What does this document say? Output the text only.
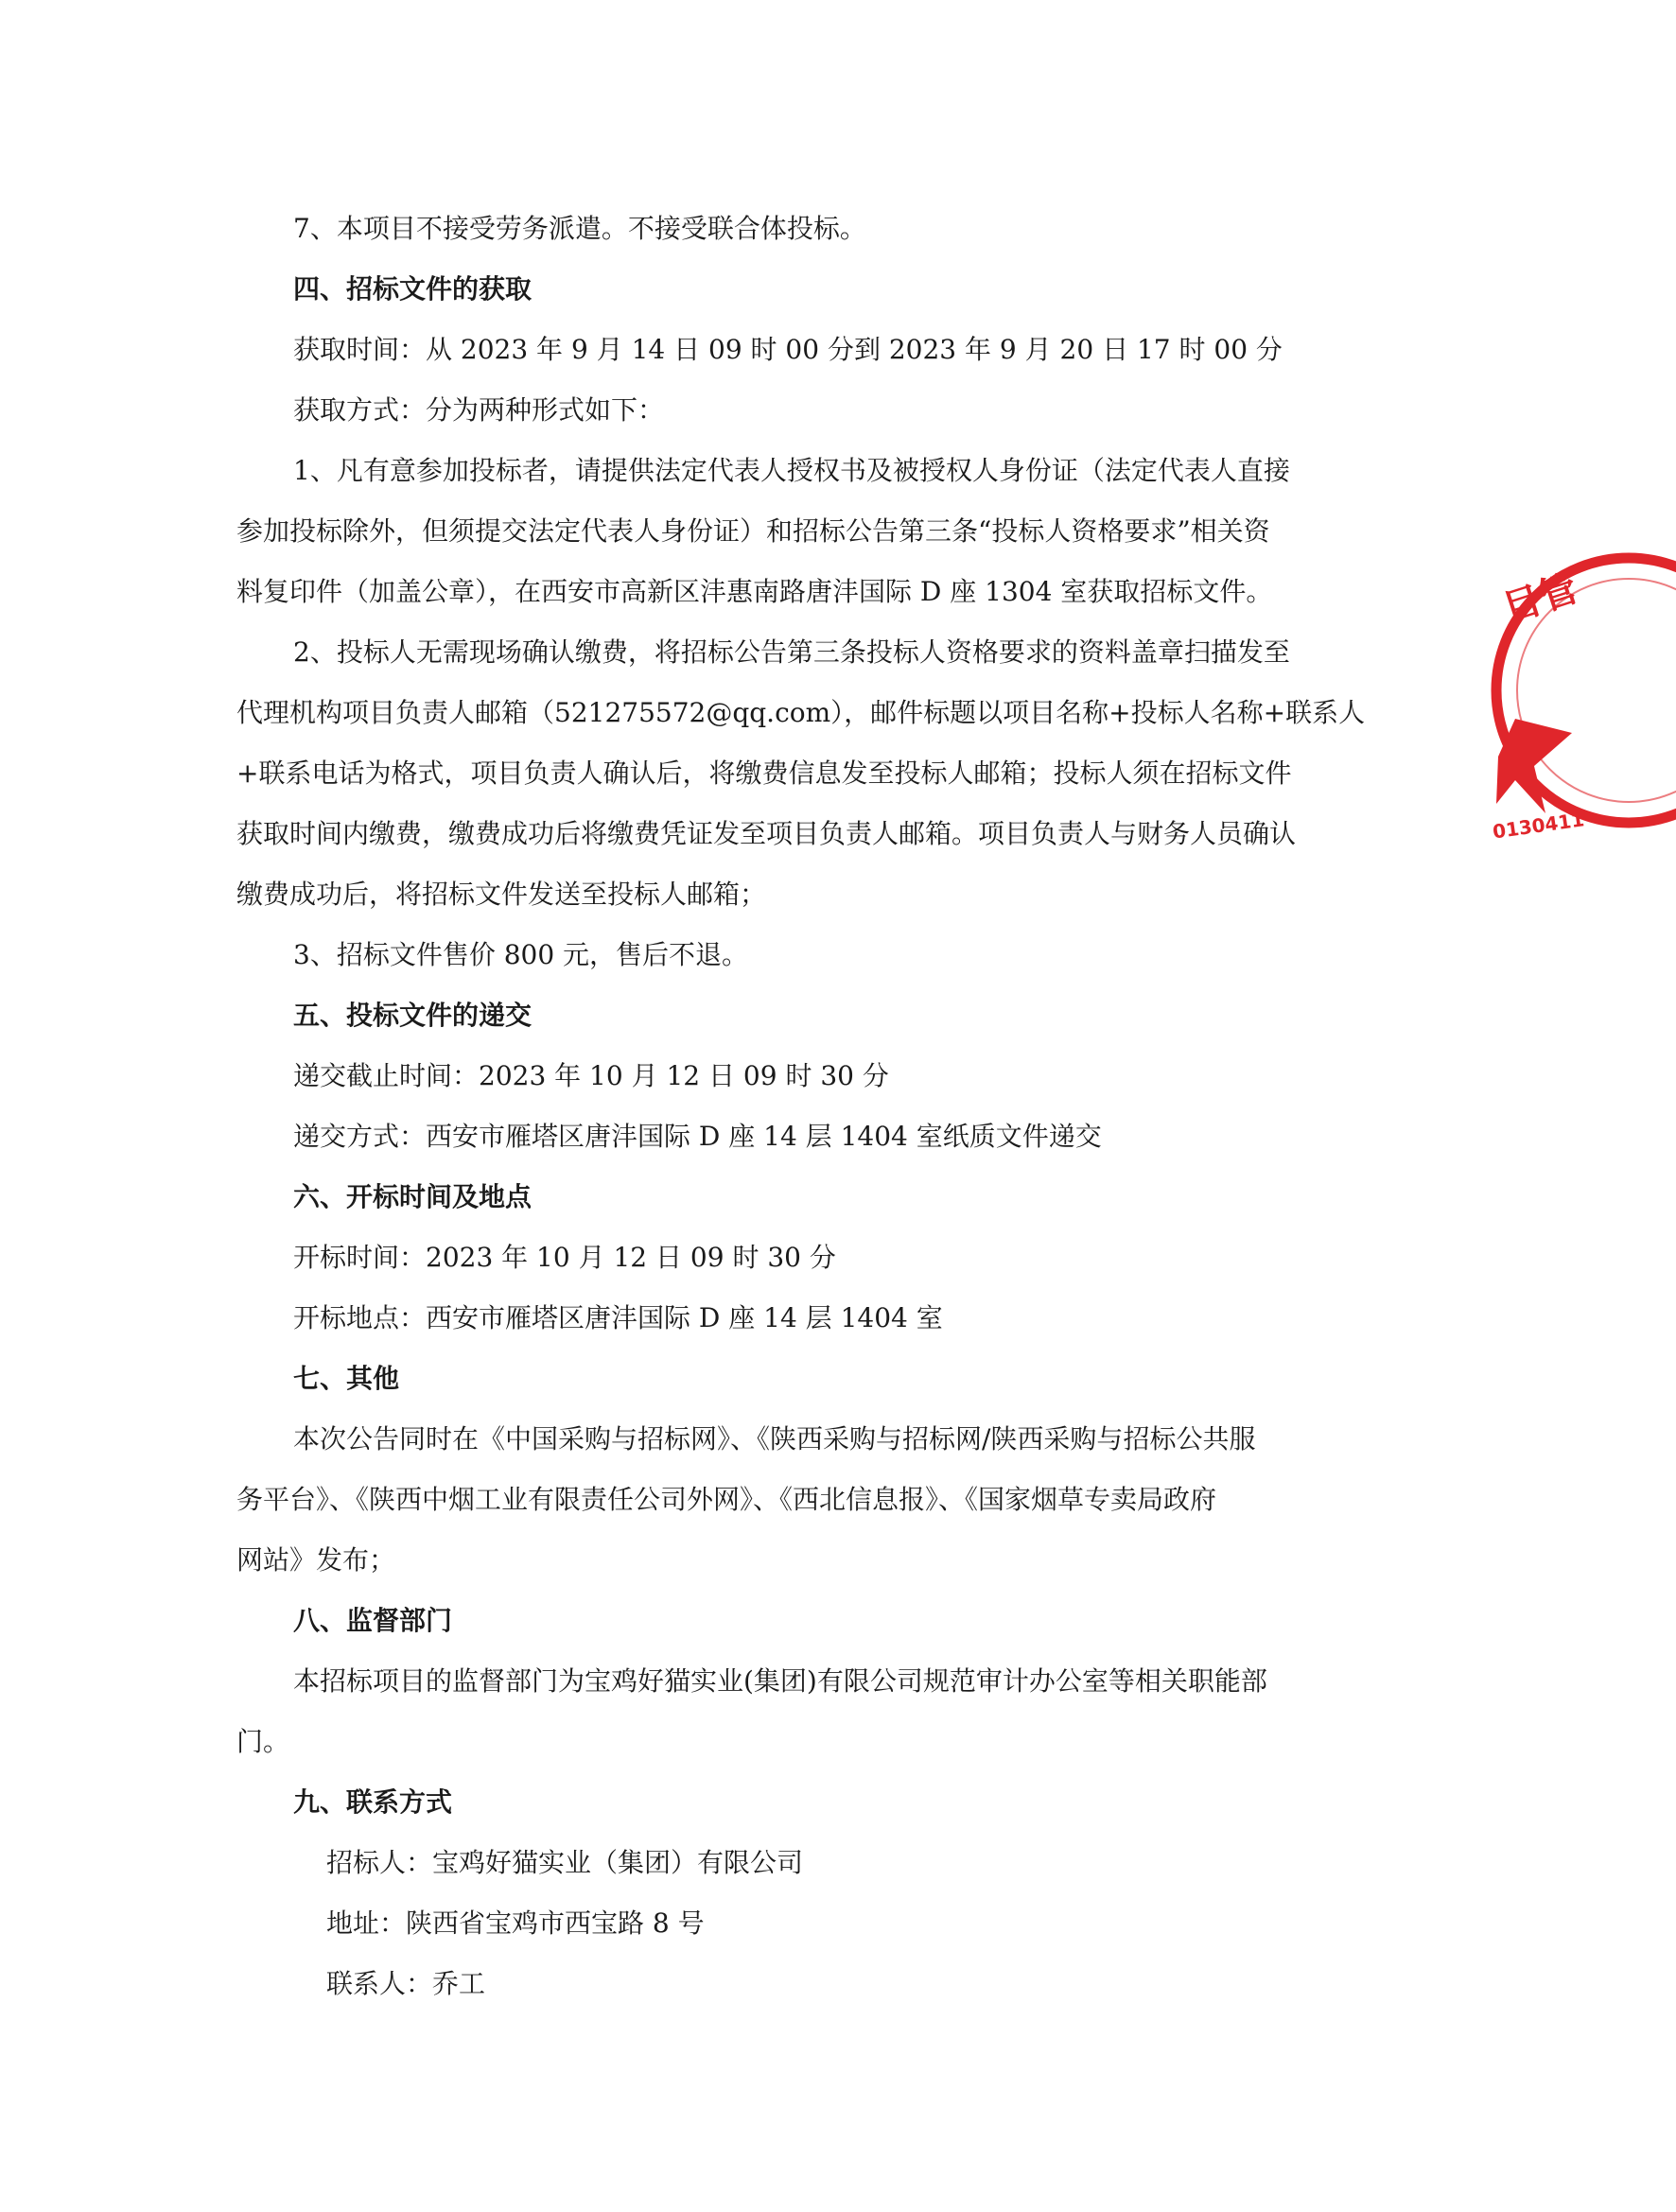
7、本项目不接受劳务派遣。不接受联合体投标。
四、招标文件的获取
获取时间：从 2023 年 9 月 14 日 09 时 00 分到 2023 年 9 月 20 日 17 时 00 分
获取方式：分为两种形式如下：
1、凡有意参加投标者，请提供法定代表人授权书及被授权人身份证（法定代表人直接
参加投标除外，但须提交法定代表人身份证）和招标公告第三条“投标人资格要求”相关资
料复印件（加盖公章），在西安市高新区沣惠南路唐沣国际 D 座 1304 室获取招标文件。
2、投标人无需现场确认缴费，将招标公告第三条投标人资格要求的资料盖章扫描发至
代理机构项目负责人邮箱（521275572@qq.com），邮件标题以项目名称+投标人名称+联系人
+联系电话为格式，项目负责人确认后，将缴费信息发至投标人邮箱；投标人须在招标文件
获取时间内缴费，缴费成功后将缴费凭证发至项目负责人邮箱。项目负责人与财务人员确认
缴费成功后，将招标文件发送至投标人邮箱；
3、招标文件售价 800 元，售后不退。
五、投标文件的递交
递交截止时间：2023 年 10 月 12 日 09 时 30 分
递交方式：西安市雁塔区唐沣国际 D 座 14 层 1404 室纸质文件递交
六、开标时间及地点
开标时间：2023 年 10 月 12 日 09 时 30 分
开标地点：西安市雁塔区唐沣国际 D 座 14 层 1404 室
七、其他
本次公告同时在《中国采购与招标网》、《陕西采购与招标网/陕西采购与招标公共服
务平台》、《陕西中烟工业有限责任公司外网》、《西北信息报》、《国家烟草专卖局政府
网站》发布；
八、监督部门
本招标项目的监督部门为宝鸡好猫实业(集团)有限公司规范审计办公室等相关职能部
门。
九、联系方式
招标人：宝鸡好猫实业（集团）有限公司
地址：陕西省宝鸡市西宝路 8 号
联系人：乔工
目管
0130411
